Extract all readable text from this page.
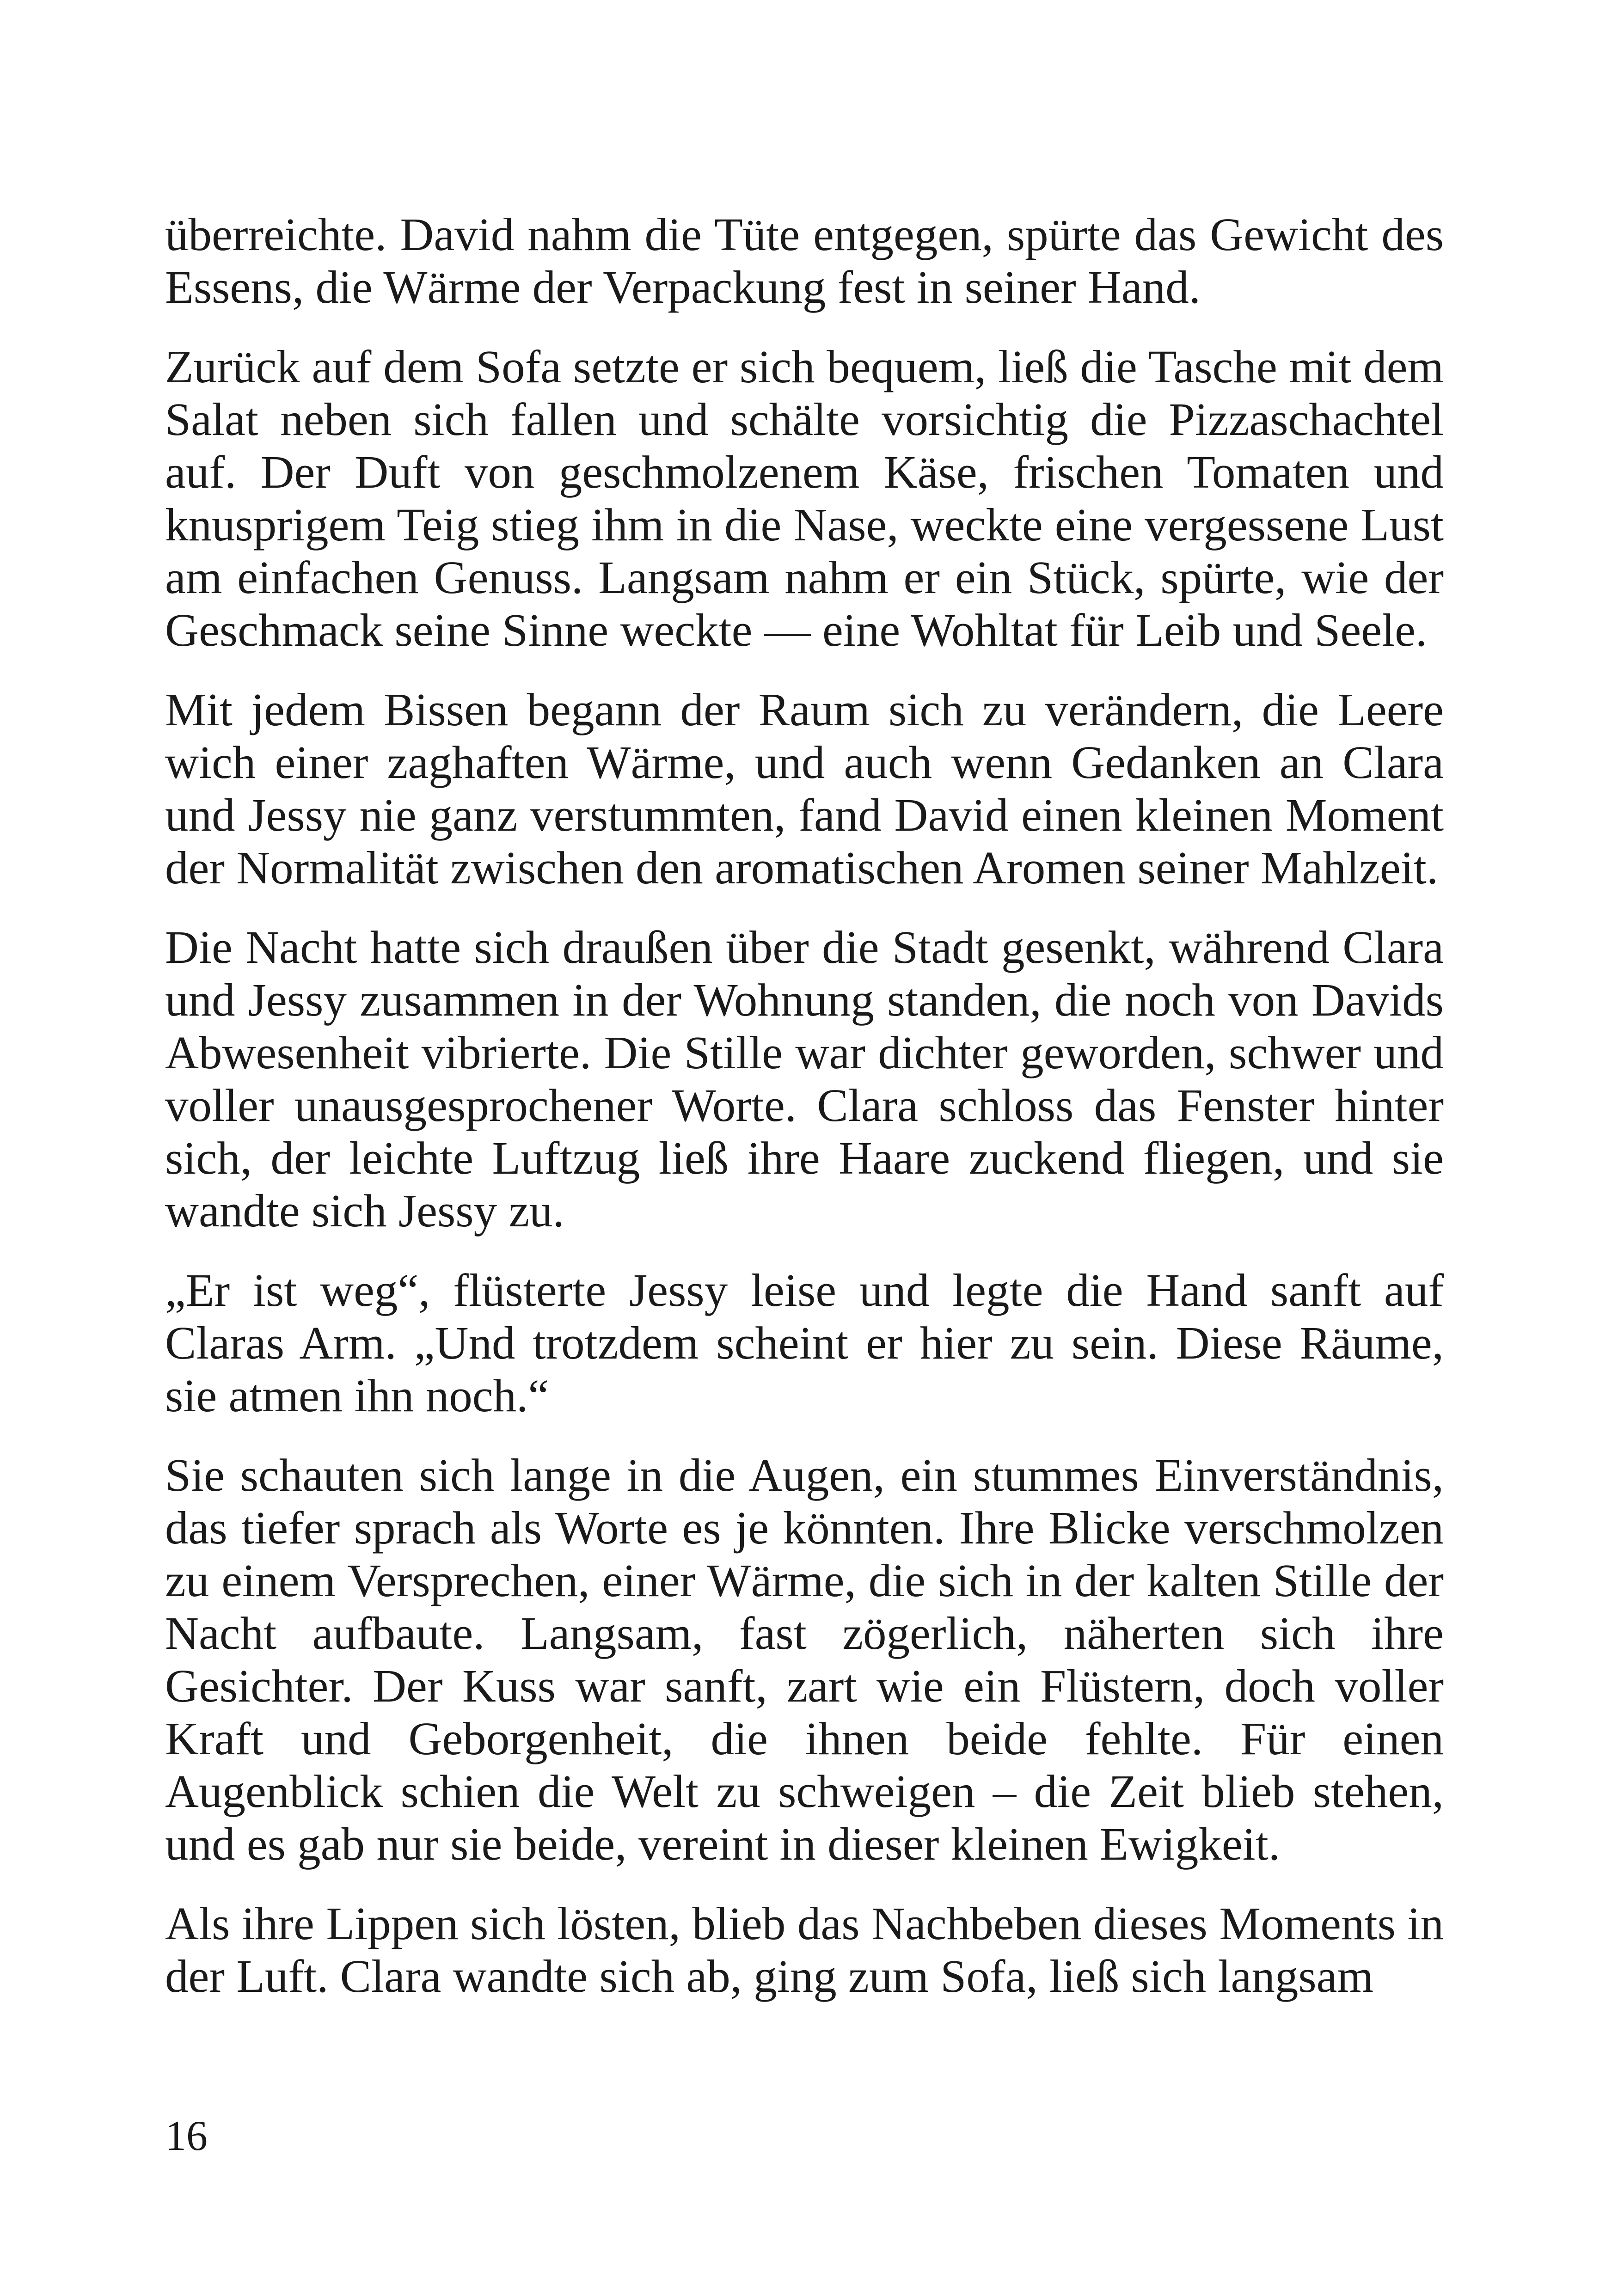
überreichte. David nahm die Tüte entgegen, spürte das Gewicht des Essens, die Wärme der Verpackung fest in seiner Hand.

Zurück auf dem Sofa setzte er sich bequem, ließ die Tasche mit dem Salat neben sich fallen und schälte vorsichtig die Pizzaschachtel auf. Der Duft von geschmolzenem Käse, frischen Tomaten und knusprigem Teig stieg ihm in die Nase, weckte eine vergessene Lust am einfachen Genuss. Langsam nahm er ein Stück, spürte, wie der Geschmack seine Sinne weckte — eine Wohltat für Leib und Seele.

Mit jedem Bissen begann der Raum sich zu verändern, die Leere wich einer zaghaften Wärme, und auch wenn Gedanken an Clara und Jessy nie ganz verstummten, fand David einen kleinen Moment der Normalität zwischen den aromatischen Aromen seiner Mahlzeit.

Die Nacht hatte sich draußen über die Stadt gesenkt, während Clara und Jessy zusammen in der Wohnung standen, die noch von Davids Abwesenheit vibrierte. Die Stille war dichter geworden, schwer und voller unausgesprochener Worte. Clara schloss das Fenster hinter sich, der leichte Luftzug ließ ihre Haare zuckend fliegen, und sie wandte sich Jessy zu.

„Er ist weg“, flüsterte Jessy leise und legte die Hand sanft auf Claras Arm. „Und trotzdem scheint er hier zu sein. Diese Räume, sie atmen ihn noch.“

Sie schauten sich lange in die Augen, ein stummes Einverständnis, das tiefer sprach als Worte es je könnten. Ihre Blicke verschmolzen zu einem Versprechen, einer Wärme, die sich in der kalten Stille der Nacht aufbaute. Langsam, fast zögerlich, näherten sich ihre Gesichter. Der Kuss war sanft, zart wie ein Flüstern, doch voller Kraft und Geborgenheit, die ihnen beide fehlte. Für einen Augenblick schien die Welt zu schweigen – die Zeit blieb stehen, und es gab nur sie beide, vereint in dieser kleinen Ewigkeit.

Als ihre Lippen sich lösten, blieb das Nachbeben dieses Moments in der Luft. Clara wandte sich ab, ging zum Sofa, ließ sich langsam

16
